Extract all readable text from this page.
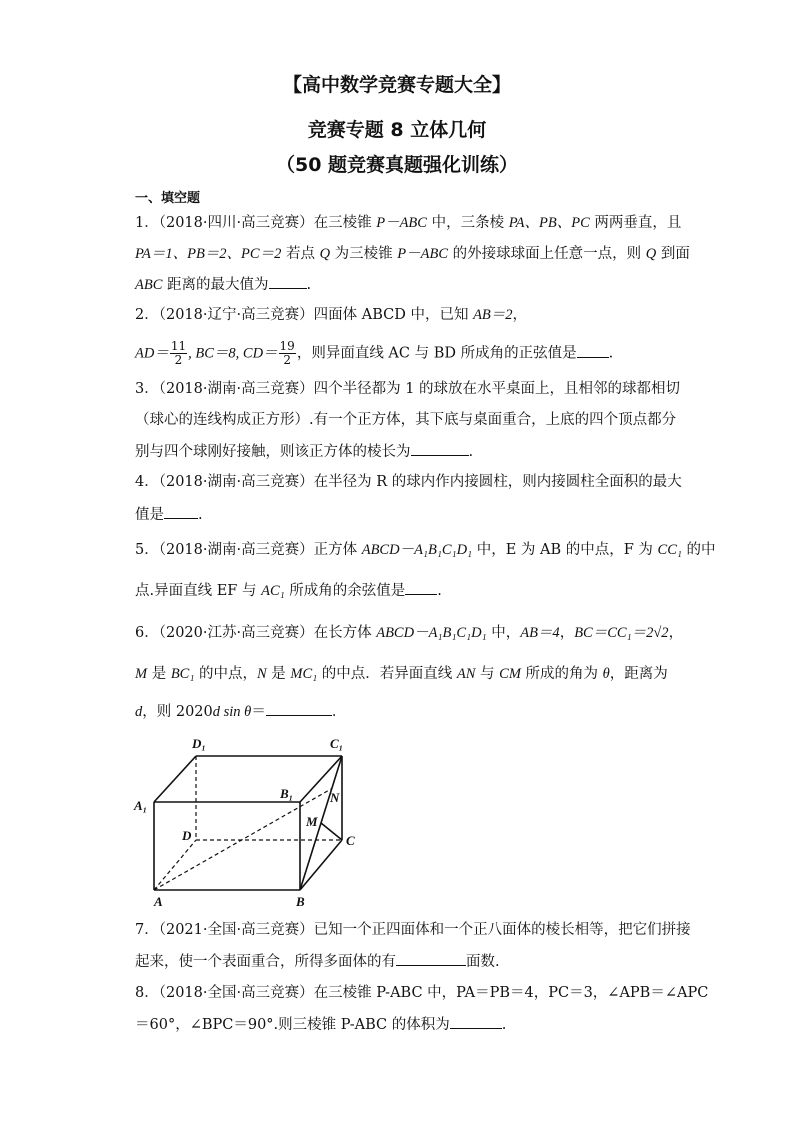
【高中数学竞赛专题大全】
竞赛专题 8 立体几何
（50 题竞赛真题强化训练）
一、填空题
1．（2018·四川·高三竞赛）在三棱锥 P－ABC 中，三条棱 PA、PB、PC 两两垂直，且
PA＝1、PB＝2、PC＝2 若点 Q 为三棱锥 P－ABC 的外接球球面上任意一点，则 Q 到面
ABC 距离的最大值为	.
2．（2018·辽宁·高三竞赛）四面体 ABCD 中，已知 AB＝2，
$AD= \frac{11}{2}$ , BC＝8, $CD= \frac{19}{2}$ ，则异面直线 AC 与 BD 所成角的正弦值是 .
3．（2018·湖南·高三竞赛）四个半径都为 1 的球放在水平桌面上，且相邻的球都相切
（球心的连线构成正方形）.有一个正方体，其下底与桌面重合，上底的四个顶点都分
别与四个球刚好接触，则该正方体的棱长为	.
4．（2018·湖南·高三竞赛）在半径为 R 的球内作内接圆柱，则内接圆柱全面积的最大
值是 .
5．（2018·湖南·高三竞赛）正方体 ABCD－A₁B₁C₁D₁ 中，E 为 AB 的中点，F 为 CC₁ 的中
点.异面直线 EF 与 AC₁ 所成角的余弦值是 .
6．（2020·江苏·高三竞赛）在长方体 ABCD－A₁B₁C₁D₁ 中，AB＝4，BC＝CC₁＝2√2，
M 是 BC₁ 的中点，N 是 MC₁ 的中点．若异面直线 AN 与 CM 所成的角为 θ，距离为
d，则 2020d sin θ＝	．
D₁	C₁
A₁
B₁	N
M
D	C
A	B
7．（2021·全国·高三竞赛）已知一个正四面体和一个正八面体的棱长相等，把它们拼接
起来，使一个表面重合，所得多面体的有	面数.
8．（2018·全国·高三竞赛）在三棱锥 P-ABC 中，PA＝PB＝4，PC＝3，∠APB＝∠APC
＝60°，∠BPC＝90°.则三棱锥 P-ABC 的体积为	.
